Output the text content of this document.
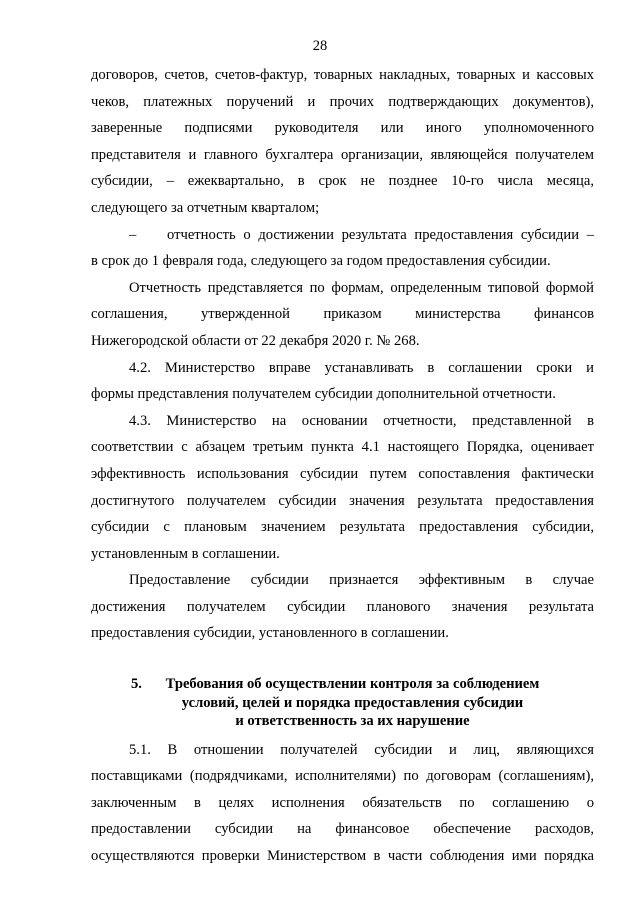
28
договоров, счетов, счетов-фактур, товарных накладных, товарных и кассовых
чеков, платежных поручений и прочих подтверждающих документов),
заверенные подписями руководителя или иного уполномоченного
представителя и главного бухгалтера организации, являющейся получателем
субсидии, – ежеквартально, в срок не позднее 10-го числа месяца,
следующего за отчетным кварталом;
–	отчетность о достижении результата предоставления субсидии –
в срок до 1 февраля года, следующего за годом предоставления субсидии.
Отчетность представляется по формам, определенным типовой формой
соглашения, утвержденной приказом министерства финансов
Нижегородской области от 22 декабря 2020 г. № 268.
4.2. Министерство вправе устанавливать в соглашении сроки и
формы представления получателем субсидии дополнительной отчетности.
4.3. Министерство на основании отчетности, представленной в
соответствии с абзацем третьим пункта 4.1 настоящего Порядка, оценивает
эффективность использования субсидии путем сопоставления фактически
достигнутого получателем субсидии значения результата предоставления
субсидии с плановым значением результата предоставления субсидии,
установленным в соглашении.
Предоставление субсидии признается эффективным в случае
достижения получателем субсидии планового значения результата
предоставления субсидии, установленного в соглашении.
5.	Требования об осуществлении контроля за соблюдением
условий, целей и порядка предоставления субсидии
и ответственность за их нарушение
5.1. В отношении получателей субсидии и лиц, являющихся
поставщиками (подрядчиками, исполнителями) по договорам (соглашениям),
заключенным в целях исполнения обязательств по соглашению о
предоставлении субсидии на финансовое обеспечение расходов,
осуществляются проверки Министерством в части соблюдения ими порядка
